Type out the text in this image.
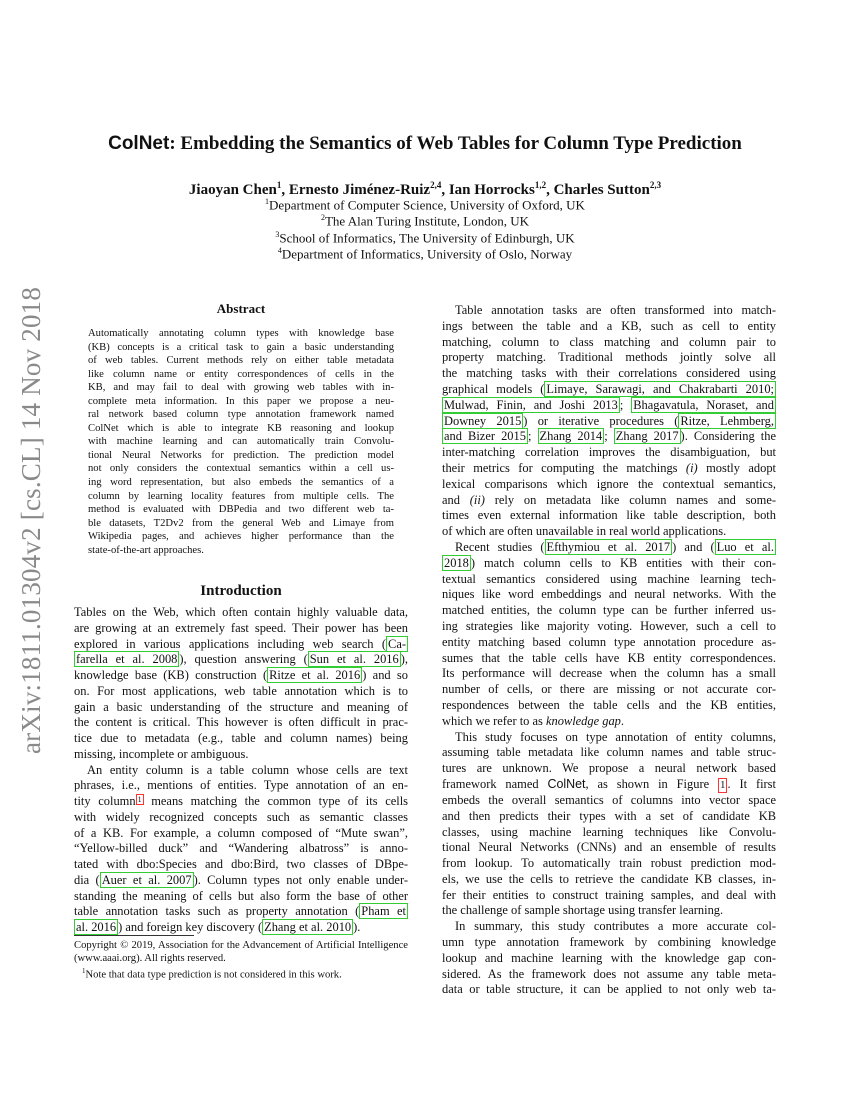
arXiv:1811.01304v2 [cs.CL] 14 Nov 2018
ColNet: Embedding the Semantics of Web Tables for Column Type Prediction
Jiaoyan Chen$^1$, Ernesto Jiménez-Ruiz$^{2,4}$, Ian Horrocks$^{1,2}$, Charles Sutton$^{2,3}$
$^1$Department of Computer Science, University of Oxford, UK
$^2$The Alan Turing Institute, London, UK
$^3$School of Informatics, The University of Edinburgh, UK
$^4$Department of Informatics, University of Oslo, Norway
Abstract
Automatically annotating column types with knowledge base
(KB) concepts is a critical task to gain a basic understanding
of web tables. Current methods rely on either table metadata
like column name or entity correspondences of cells in the
KB, and may fail to deal with growing web tables with in-
complete meta information. In this paper we propose a neu-
ral network based column type annotation framework named
ColNet which is able to integrate KB reasoning and lookup
with machine learning and can automatically train Convolu-
tional Neural Networks for prediction. The prediction model
not only considers the contextual semantics within a cell us-
ing word representation, but also embeds the semantics of a
column by learning locality features from multiple cells. The
method is evaluated with DBPedia and two different web ta-
ble datasets, T2Dv2 from the general Web and Limaye from
Wikipedia pages, and achieves higher performance than the
state-of-the-art approaches.
Introduction
Tables on the Web, which often contain highly valuable data,
are growing at an extremely fast speed. Their power has been
explored in various applications including web search ( Ca-
farella et al. 2008 ), question answering ( Sun et al. 2016 ),
knowledge base (KB) construction ( Ritze et al. 2016 ) and so
on. For most applications, web table annotation which is to
gain a basic understanding of the structure and meaning of
the content is critical. This however is often difficult in prac-
tice due to metadata (e.g., table and column names) being
missing, incomplete or ambiguous.
An entity column is a table column whose cells are text
phrases, i.e., mentions of entities. Type annotation of an en-
tity column 1 means matching the common type of its cells
with widely recognized concepts such as semantic classes
of a KB. For example, a column composed of “Mute swan”,
“Yellow-billed duck” and “Wandering albatross” is anno-
tated with dbo:Species and dbo:Bird, two classes of DBpe-
dia ( Auer et al. 2007 ). Column types not only enable under-
standing the meaning of cells but also form the base of other
table annotation tasks such as property annotation ( Pham et
al. 2016 ) and foreign key discovery ( Zhang et al. 2010 ).
Copyright © 2019, Association for the Advancement of Artificial Intelligence (www.aaai.org). All rights reserved.
$^1$Note that data type prediction is not considered in this work.
Table annotation tasks are often transformed into match-
ings between the table and a KB, such as cell to entity
matching, column to class matching and column pair to
property matching. Traditional methods jointly solve all
the matching tasks with their correlations considered using
graphical models ( Limaye, Sarawagi, and Chakrabarti 2010;
Mulwad, Finin, and Joshi 2013 ; Bhagavatula, Noraset, and
Downey 2015 ) or iterative procedures ( Ritze, Lehmberg,
and Bizer 2015 ; Zhang 2014 ; Zhang 2017 ). Considering the
inter-matching correlation improves the disambiguation, but
their metrics for computing the matchings (i) mostly adopt
lexical comparisons which ignore the contextual semantics,
and (ii) rely on metadata like column names and some-
times even external information like table description, both
of which are often unavailable in real world applications.
Recent studies ( Efthymiou et al. 2017 ) and ( Luo et al.
2018 ) match column cells to KB entities with their con-
textual semantics considered using machine learning tech-
niques like word embeddings and neural networks. With the
matched entities, the column type can be further inferred us-
ing strategies like majority voting. However, such a cell to
entity matching based column type annotation procedure as-
sumes that the table cells have KB entity correspondences.
Its performance will decrease when the column has a small
number of cells, or there are missing or not accurate cor-
respondences between the table cells and the KB entities,
which we refer to as knowledge gap.
This study focuses on type annotation of entity columns,
assuming table metadata like column names and table struc-
tures are unknown. We propose a neural network based
framework named ColNet, as shown in Figure 1 . It first
embeds the overall semantics of columns into vector space
and then predicts their types with a set of candidate KB
classes, using machine learning techniques like Convolu-
tional Neural Networks (CNNs) and an ensemble of results
from lookup. To automatically train robust prediction mod-
els, we use the cells to retrieve the candidate KB classes, in-
fer their entities to construct training samples, and deal with
the challenge of sample shortage using transfer learning.
In summary, this study contributes a more accurate col-
umn type annotation framework by combining knowledge
lookup and machine learning with the knowledge gap con-
sidered. As the framework does not assume any table meta-
data or table structure, it can be applied to not only web ta-
